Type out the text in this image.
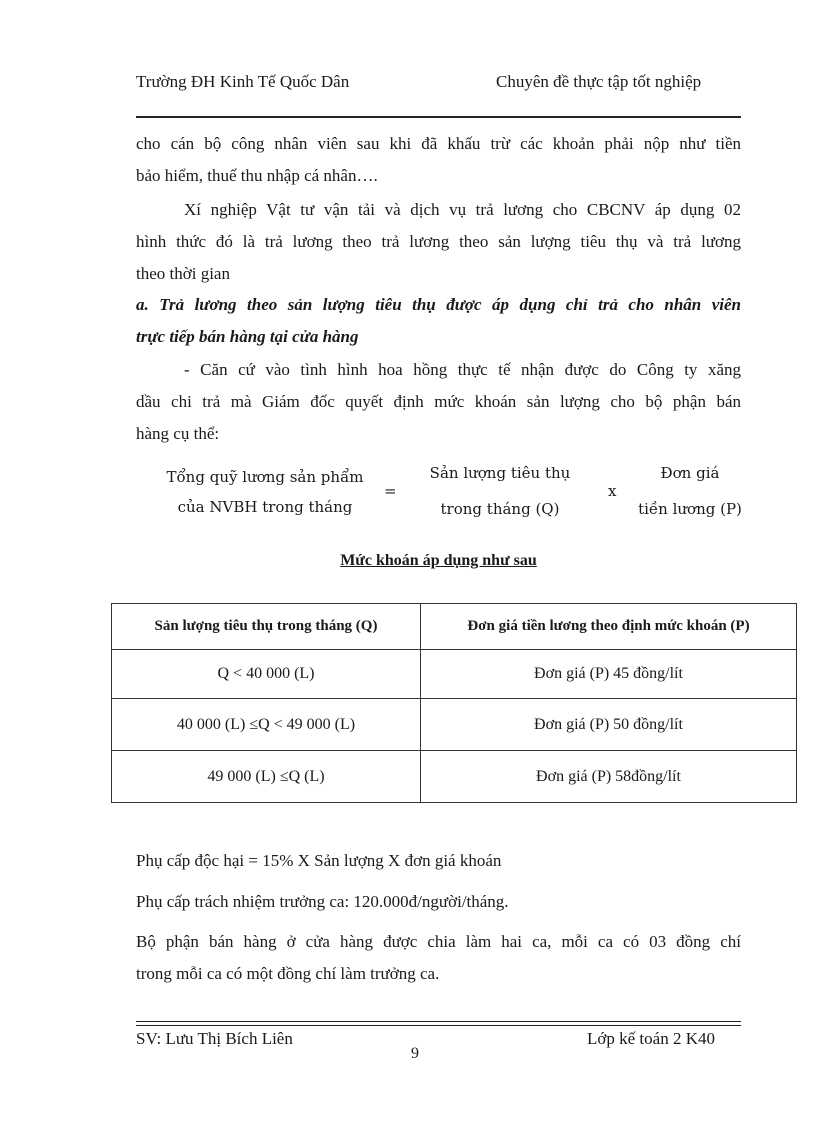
Trường ĐH Kinh Tế Quốc Dân	Chuyên đề thực tập tốt nghiệp
cho cán bộ công nhân viên sau khi đã khấu trừ các khoản phải nộp như tiền
bảo hiểm, thuế thu nhập cá nhân….
Xí nghiệp Vật tư vận tải và dịch vụ trả lương cho CBCNV áp dụng 02
hình thức đó là trả lương theo trả lương theo sản lượng tiêu thụ và trả lương
theo thời gian
a. Trả lương theo sản lượng tiêu thụ được áp dụng chỉ trả cho nhân viên
trực tiếp bán hàng tại cửa hàng
- Căn cứ vào tình hình hoa hồng thực tế nhận được do Công ty xăng
dầu chi trả mà Giám đốc quyết định mức khoán sản lượng cho bộ phận bán
hàng cụ thể:
Tổng quỹ lương sản phẩm
của NVBH trong tháng
=
Sản lượng tiêu thụ
trong tháng (Q)
x
Đơn giá
tiền lương (P)
Mức khoán áp dụng như sau
Sản lượng tiêu thụ trong tháng (Q)	Đơn giá tiền lương theo định mức khoán (P)
Q < 40 000 (L)	Đơn giá (P) 45 đồng/lít
40 000 (L) ≤Q < 49 000 (L)	Đơn giá (P) 50 đồng/lít
49 000 (L) ≤Q (L)	Đơn giá (P) 58đồng/lít
Phụ cấp độc hại = 15% X Sản lượng X đơn giá khoán
Phụ cấp trách nhiệm trưởng ca: 120.000đ/người/tháng.
Bộ phận bán hàng ở cửa hàng được chia làm hai ca, mỗi ca có 03 đồng chí
trong mỗi ca có một đồng chí làm trưởng ca.
SV: Lưu Thị Bích Liên	Lớp kế toán 2 K40
9
